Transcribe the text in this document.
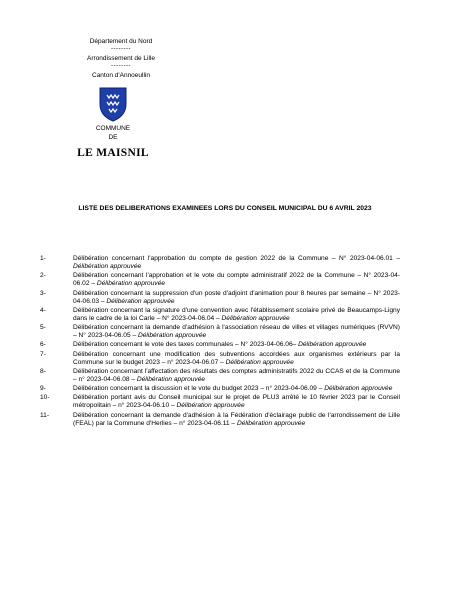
Département du Nord
--------
Arrondissement de Lille
--------
Canton d'Annoeullin
COMMUNE
DE
LE MAISNIL
LISTE DES DELIBERATIONS EXAMINEES LORS DU CONSEIL MUNICIPAL DU 6 AVRIL 2023
1-	Délibération concernant l'approbation du compte de gestion 2022 de la Commune – N° 2023-04-06.01 – Délibération approuvée
2-	Délibération concernant l'approbation et le vote du compte administratif 2022 de la Commune – N° 2023-04-06.02 – Délibération approuvée
3-	Délibération concernant la suppression d'un poste d'adjoint d'animation pour 8 heures par semaine – N° 2023-04-06.03 – Délibération approuvée
4-	Délibération concernant la signature d'une convention avec l'établissement scolaire privé de Beaucamps-Ligny dans le cadre de la loi Carle – N° 2023-04-06.04 – Délibération approuvée
5-	Délibération concernant la demande d'adhésion à l'association réseau de villes et villages numériques (RVVN) – N° 2023-04-06.05 – Délibération approuvée
6-	Délibération concernant le vote des taxes communales – N° 2023-04-06.06– Délibération approuvée
7-	Délibération concernant une modification des subventions accordées aux organismes extérieurs par la Commune sur le budget 2023 – n° 2023-04-06.07 – Délibération approuvée
8-	Délibération concernant l'affectation des résultats des comptes administratifs 2022 du CCAS et de la Commune – n° 2023-04-06.08 – Délibération approuvée
9-	Délibération concernant la discussion et le vote du budget 2023 – n° 2023-04-06.09 – Délibération approuvée
10-	Délibération portant avis du Conseil municipal sur le projet de PLU3 arrêté le 10 février 2023 par le Conseil métropolitain – n° 2023-04-06.10 – Délibération approuvée
11-	Délibération concernant la demande d'adhésion à la Fédération d'éclairage public de l'arrondissement de Lille (FEAL) par la Commune d'Herlies – n° 2023-04-06.11 – Délibération approuvée
